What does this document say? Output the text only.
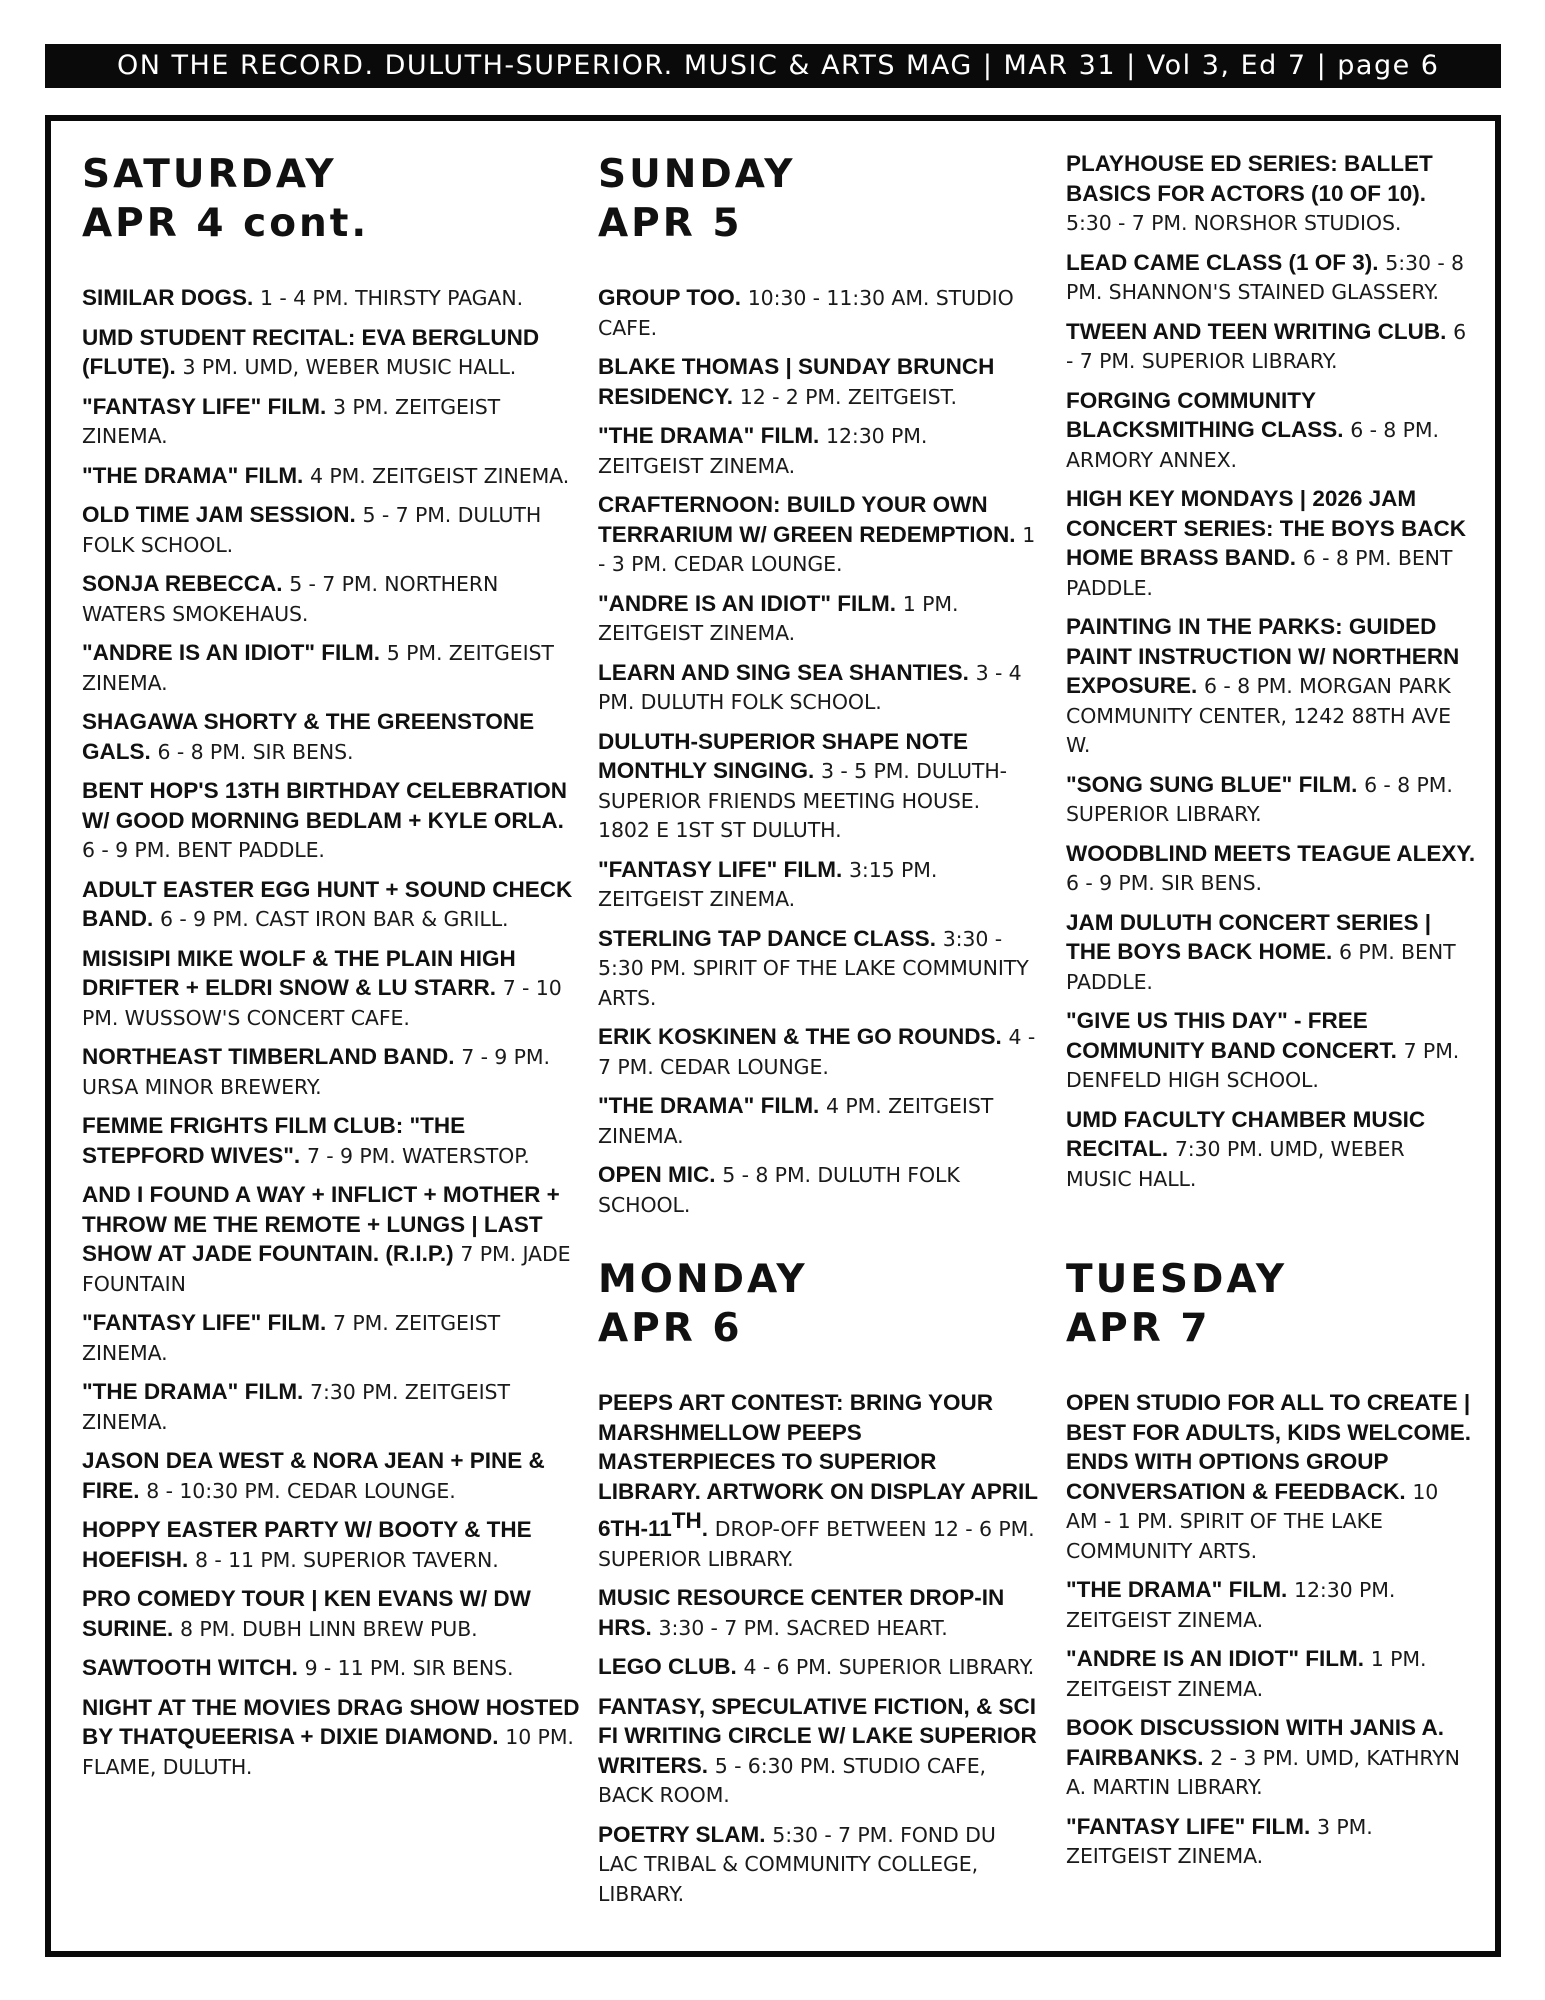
ON THE RECORD. DULUTH-SUPERIOR. MUSIC & ARTS MAG | MAR 31 | Vol 3, Ed 7 | page 6
SATURDAY
APR 4 cont.
SIMILAR DOGS. 1 - 4 PM. THIRSTY PAGAN.
UMD STUDENT RECITAL: EVA BERGLUND (FLUTE). 3 PM. UMD, WEBER MUSIC HALL.
"FANTASY LIFE" FILM. 3 PM. ZEITGEIST ZINEMA.
"THE DRAMA" FILM. 4 PM. ZEITGEIST ZINEMA.
OLD TIME JAM SESSION. 5 - 7 PM. DULUTH FOLK SCHOOL.
SONJA REBECCA. 5 - 7 PM. NORTHERN WATERS SMOKEHAUS.
"ANDRE IS AN IDIOT" FILM. 5 PM. ZEITGEIST ZINEMA.
SHAGAWA SHORTY & THE GREENSTONE GALS. 6 - 8 PM. SIR BENS.
BENT HOP'S 13TH BIRTHDAY CELEBRATION W/ GOOD MORNING BEDLAM + KYLE ORLA. 6 - 9 PM. BENT PADDLE.
ADULT EASTER EGG HUNT + SOUND CHECK BAND. 6 - 9 PM. CAST IRON BAR & GRILL.
MISISIPI MIKE WOLF & THE PLAIN HIGH DRIFTER + ELDRI SNOW & LU STARR. 7 - 10 PM. WUSSOW'S CONCERT CAFE.
NORTHEAST TIMBERLAND BAND. 7 - 9 PM. URSA MINOR BREWERY.
FEMME FRIGHTS FILM CLUB: "THE STEPFORD WIVES". 7 - 9 PM. WATERSTOP.
AND I FOUND A WAY + INFLICT + MOTHER + THROW ME THE REMOTE + LUNGS | LAST SHOW AT JADE FOUNTAIN. (R.I.P.) 7 PM. JADE FOUNTAIN
"FANTASY LIFE" FILM. 7 PM. ZEITGEIST ZINEMA.
"THE DRAMA" FILM. 7:30 PM. ZEITGEIST ZINEMA.
JASON DEA WEST & NORA JEAN + PINE & FIRE. 8 - 10:30 PM. CEDAR LOUNGE.
HOPPY EASTER PARTY W/ BOOTY & THE HOEFISH. 8 - 11 PM. SUPERIOR TAVERN.
PRO COMEDY TOUR | KEN EVANS W/ DW SURINE. 8 PM. DUBH LINN BREW PUB.
SAWTOOTH WITCH. 9 - 11 PM. SIR BENS.
NIGHT AT THE MOVIES DRAG SHOW HOSTED BY THATQUEERISA + DIXIE DIAMOND. 10 PM. FLAME, DULUTH.
SUNDAY
APR 5
GROUP TOO. 10:30 - 11:30 AM. STUDIO CAFE.
BLAKE THOMAS | SUNDAY BRUNCH RESIDENCY. 12 - 2 PM. ZEITGEIST.
"THE DRAMA" FILM. 12:30 PM. ZEITGEIST ZINEMA.
CRAFTERNOON: BUILD YOUR OWN TERRARIUM W/ GREEN REDEMPTION. 1 - 3 PM. CEDAR LOUNGE.
"ANDRE IS AN IDIOT" FILM. 1 PM. ZEITGEIST ZINEMA.
LEARN AND SING SEA SHANTIES. 3 - 4 PM. DULUTH FOLK SCHOOL.
DULUTH-SUPERIOR SHAPE NOTE MONTHLY SINGING. 3 - 5 PM. DULUTH-SUPERIOR FRIENDS MEETING HOUSE. 1802 E 1ST ST DULUTH.
"FANTASY LIFE" FILM. 3:15 PM. ZEITGEIST ZINEMA.
STERLING TAP DANCE CLASS. 3:30 - 5:30 PM. SPIRIT OF THE LAKE COMMUNITY ARTS.
ERIK KOSKINEN & THE GO ROUNDS. 4 - 7 PM. CEDAR LOUNGE.
"THE DRAMA" FILM. 4 PM. ZEITGEIST ZINEMA.
OPEN MIC. 5 - 8 PM. DULUTH FOLK SCHOOL.
MONDAY
APR 6
PEEPS ART CONTEST: BRING YOUR MARSHMELLOW PEEPS MASTERPIECES TO SUPERIOR LIBRARY. ARTWORK ON DISPLAY APRIL 6TH-11TH. DROP-OFF BETWEEN 12 - 6 PM. SUPERIOR LIBRARY.
MUSIC RESOURCE CENTER DROP-IN HRS. 3:30 - 7 PM. SACRED HEART.
LEGO CLUB. 4 - 6 PM. SUPERIOR LIBRARY.
FANTASY, SPECULATIVE FICTION, & SCI FI WRITING CIRCLE W/ LAKE SUPERIOR WRITERS. 5 - 6:30 PM. STUDIO CAFE, BACK ROOM.
POETRY SLAM. 5:30 - 7 PM. FOND DU LAC TRIBAL & COMMUNITY COLLEGE, LIBRARY.
PLAYHOUSE ED SERIES: BALLET BASICS FOR ACTORS (10 OF 10). 5:30 - 7 PM. NORSHOR STUDIOS.
LEAD CAME CLASS (1 OF 3). 5:30 - 8 PM. SHANNON'S STAINED GLASSERY.
TWEEN AND TEEN WRITING CLUB. 6 - 7 PM. SUPERIOR LIBRARY.
FORGING COMMUNITY BLACKSMITHING CLASS. 6 - 8 PM. ARMORY ANNEX.
HIGH KEY MONDAYS | 2026 JAM CONCERT SERIES: THE BOYS BACK HOME BRASS BAND. 6 - 8 PM. BENT PADDLE.
PAINTING IN THE PARKS: GUIDED PAINT INSTRUCTION W/ NORTHERN EXPOSURE. 6 - 8 PM. MORGAN PARK COMMUNITY CENTER, 1242 88TH AVE W.
"SONG SUNG BLUE" FILM. 6 - 8 PM. SUPERIOR LIBRARY.
WOODBLIND MEETS TEAGUE ALEXY. 6 - 9 PM. SIR BENS.
JAM DULUTH CONCERT SERIES | THE BOYS BACK HOME. 6 PM. BENT PADDLE.
"GIVE US THIS DAY" - FREE COMMUNITY BAND CONCERT. 7 PM. DENFELD HIGH SCHOOL.
UMD FACULTY CHAMBER MUSIC RECITAL. 7:30 PM. UMD, WEBER MUSIC HALL.
TUESDAY
APR 7
OPEN STUDIO FOR ALL TO CREATE | BEST FOR ADULTS, KIDS WELCOME. ENDS WITH OPTIONS GROUP CONVERSATION & FEEDBACK. 10 AM - 1 PM. SPIRIT OF THE LAKE COMMUNITY ARTS.
"THE DRAMA" FILM. 12:30 PM. ZEITGEIST ZINEMA.
"ANDRE IS AN IDIOT" FILM. 1 PM. ZEITGEIST ZINEMA.
BOOK DISCUSSION WITH JANIS A. FAIRBANKS. 2 - 3 PM. UMD, KATHRYN A. MARTIN LIBRARY.
"FANTASY LIFE" FILM. 3 PM. ZEITGEIST ZINEMA.
